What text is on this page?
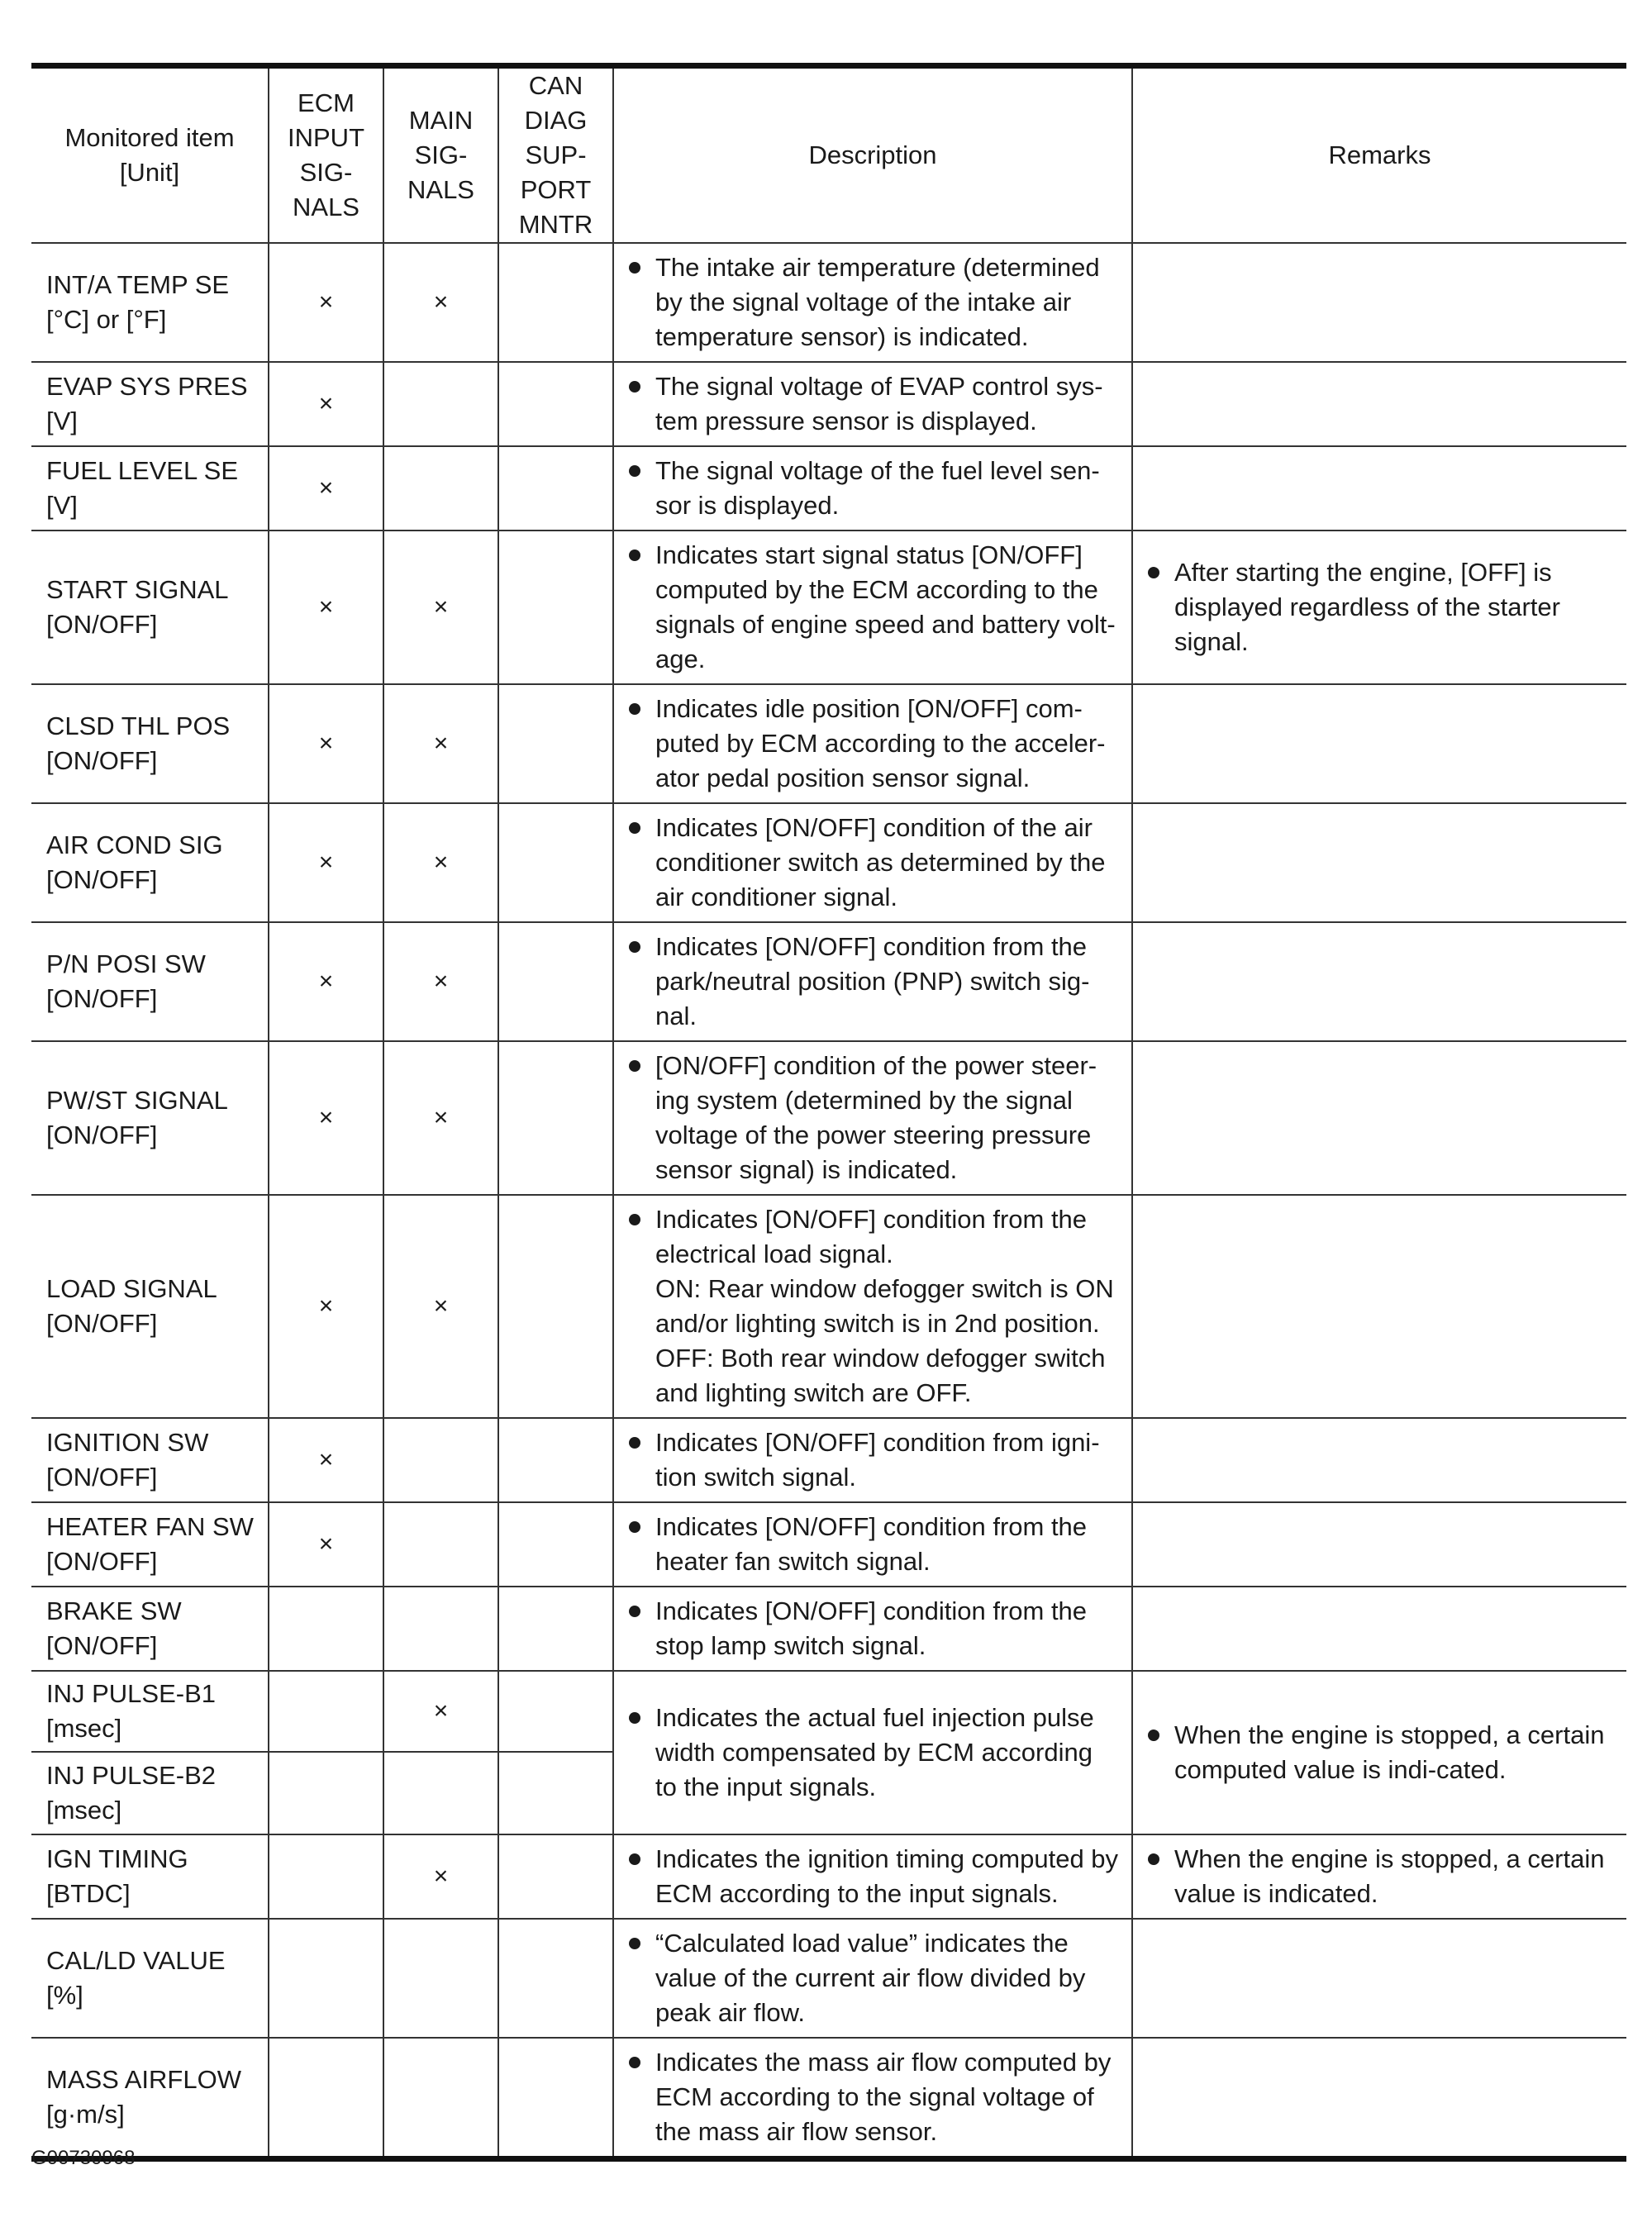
Monitored item
[Unit]	ECM
INPUT
SIG-
NALS	MAIN
SIG-
NALS	CAN
DIAG
SUP-
PORT
MNTR	Description	Remarks

INT/A TEMP SE
[°C] or [°F]	×	×		The intake air temperature (determined by the signal voltage of the intake air temperature sensor) is indicated.	

EVAP SYS PRES
[V]	×			The signal voltage of EVAP control sys-tem pressure sensor is displayed.	

FUEL LEVEL SE
[V]	×			The signal voltage of the fuel level sen-sor is displayed.	

START SIGNAL
[ON/OFF]	×	×		Indicates start signal status [ON/OFF] computed by the ECM according to the signals of engine speed and battery volt-age.	After starting the engine, [OFF] is displayed regardless of the starter signal.

CLSD THL POS
[ON/OFF]	×	×		Indicates idle position [ON/OFF] com-puted by ECM according to the acceler-ator pedal position sensor signal.	

AIR COND SIG
[ON/OFF]	×	×		Indicates [ON/OFF] condition of the air conditioner switch as determined by the air conditioner signal.	

P/N POSI SW
[ON/OFF]	×	×		Indicates [ON/OFF] condition from the park/neutral position (PNP) switch sig-nal.	

PW/ST SIGNAL
[ON/OFF]	×	×		[ON/OFF] condition of the power steer-ing system (determined by the signal voltage of the power steering pressure sensor signal) is indicated.	

LOAD SIGNAL
[ON/OFF]	×	×		Indicates [ON/OFF] condition from the electrical load signal.
ON: Rear window defogger switch is ON and/or lighting switch is in 2nd position.
OFF: Both rear window defogger switch and lighting switch are OFF.	

IGNITION SW
[ON/OFF]	×			Indicates [ON/OFF] condition from igni-tion switch signal.	

HEATER FAN SW
[ON/OFF]	×			Indicates [ON/OFF] condition from the heater fan switch signal.	

BRAKE SW
[ON/OFF]				Indicates [ON/OFF] condition from the stop lamp switch signal.	

INJ PULSE-B1
[msec]		×		Indicates the actual fuel injection pulse width compensated by ECM according to the input signals.	When the engine is stopped, a certain computed value is indi-cated.

INJ PULSE-B2
[msec]					

IGN TIMING
[BTDC]		×		Indicates the ignition timing computed by ECM according to the input signals.	When the engine is stopped, a certain value is indicated.

CAL/LD VALUE [%]				“Calculated load value” indicates the value of the current air flow divided by peak air flow.	

MASS AIRFLOW
[g·m/s]				Indicates the mass air flow computed by ECM according to the signal voltage of the mass air flow sensor.	

G00730968
